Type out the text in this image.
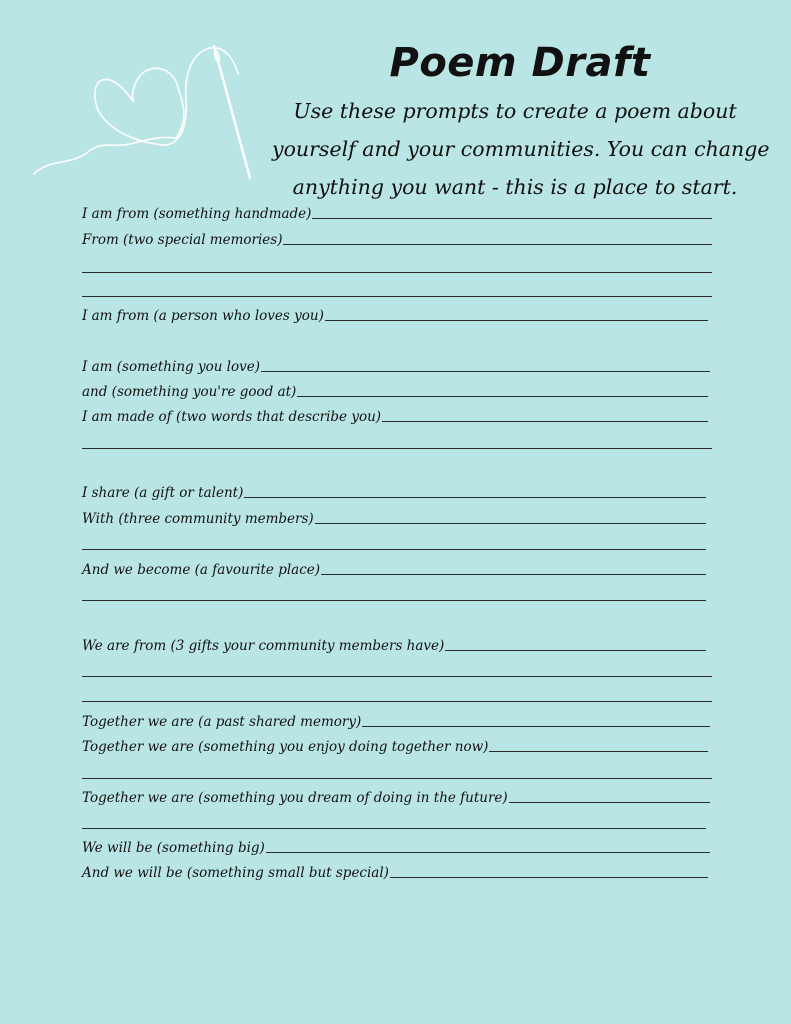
Poem Draft
Use these prompts to create a poem about
yourself and your communities. You can change
anything you want - this is a place to start.
I am from (something handmade)
From (two special memories)
I am from (a person who loves you)
I am (something you love)
and (something you're good at)
I am made of (two words that describe you)
I share (a gift or talent)
With (three community members)
And we become (a favourite place)
We are from (3 gifts your community members have)
Together we are (a past shared memory)
Together we are (something you enjoy doing together now)
Together we are (something you dream of doing in the future)
We will be (something big)
And we will be (something small but special)
